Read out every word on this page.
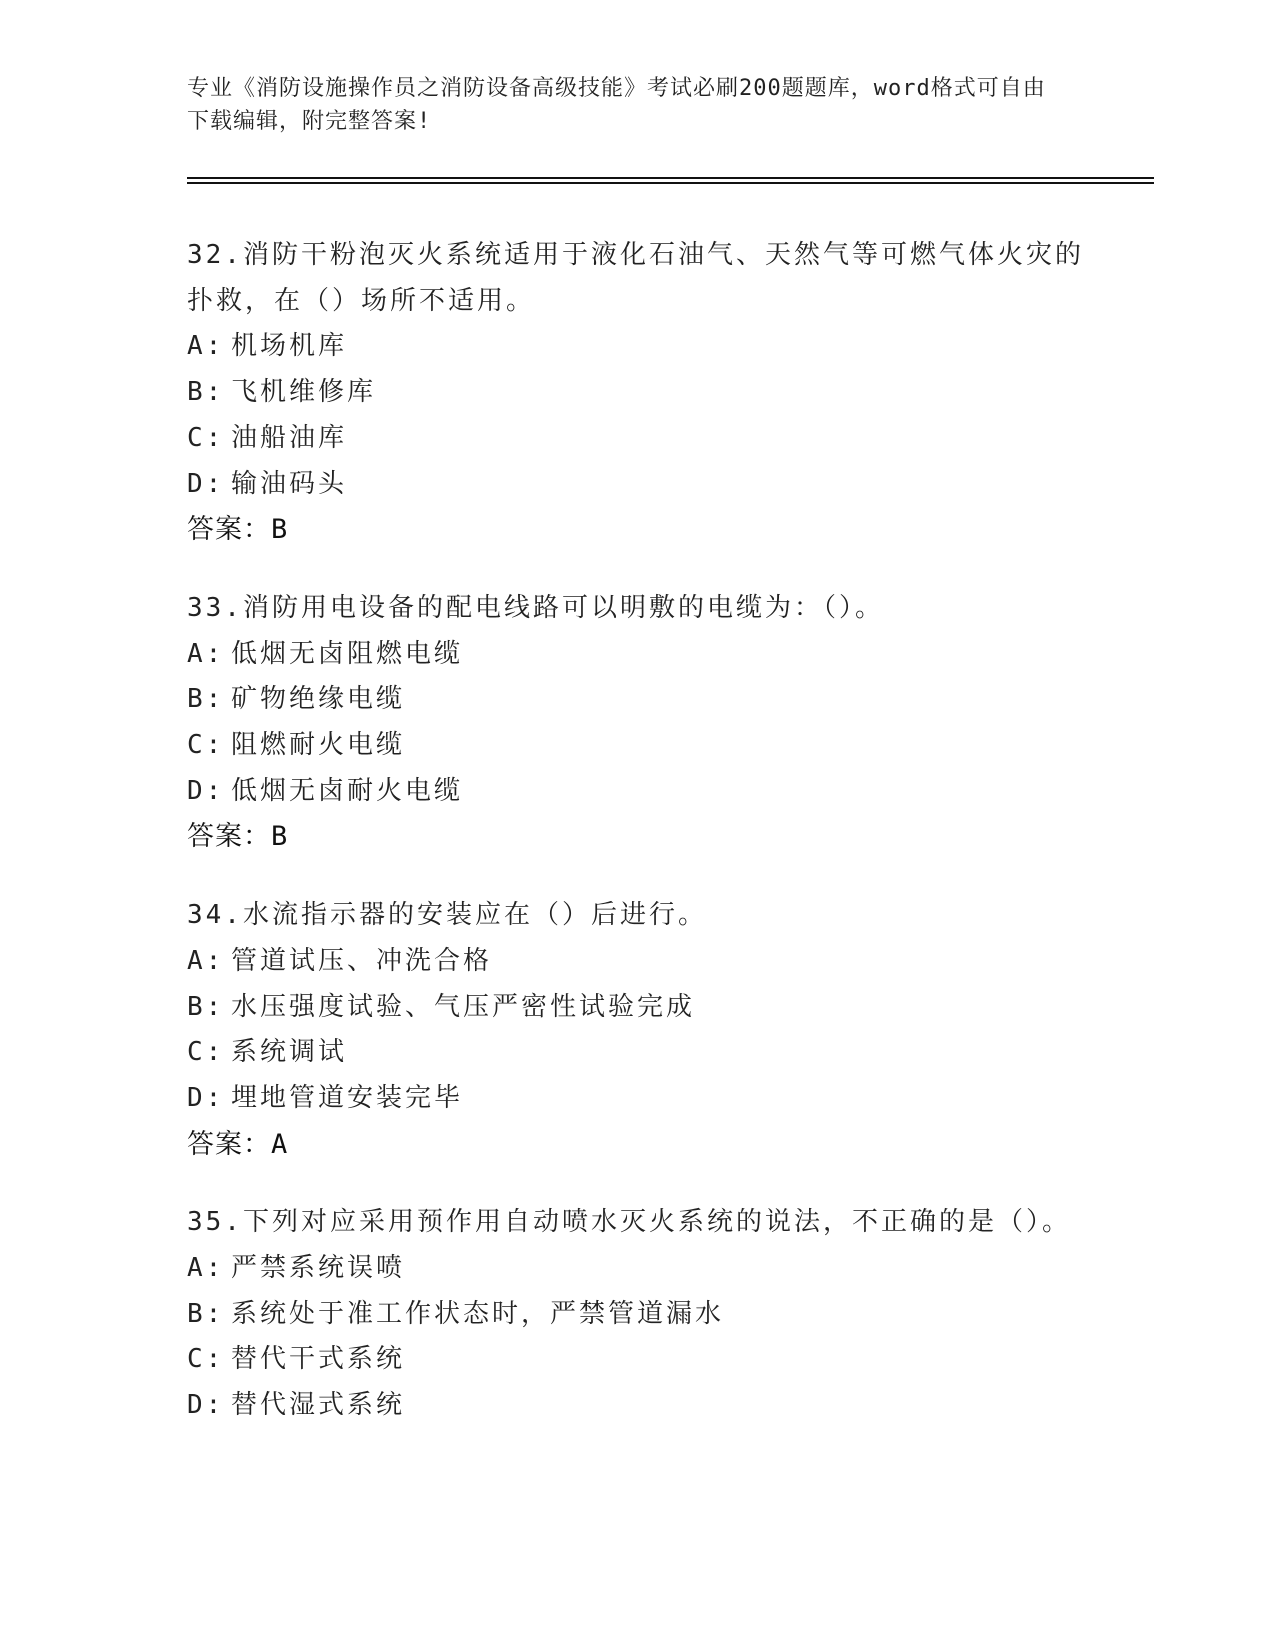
专业《消防设施操作员之消防设备高级技能》考试必刷200题题库，word格式可自由下载编辑，附完整答案!
32.消防干粉泡灭火系统适用于液化石油气、天然气等可燃气体火灾的扑救，在（）场所不适用。
A: 机场机库
B: 飞机维修库
C: 油船油库
D: 输油码头
答案：B
33.消防用电设备的配电线路可以明敷的电缆为：（）。
A: 低烟无卤阻燃电缆
B: 矿物绝缘电缆
C: 阻燃耐火电缆
D: 低烟无卤耐火电缆
答案：B
34.水流指示器的安装应在（）后进行。
A: 管道试压、冲洗合格
B: 水压强度试验、气压严密性试验完成
C: 系统调试
D: 埋地管道安装完毕
答案：A
35.下列对应采用预作用自动喷水灭火系统的说法，不正确的是（）。
A: 严禁系统误喷
B: 系统处于准工作状态时，严禁管道漏水
C: 替代干式系统
D: 替代湿式系统
